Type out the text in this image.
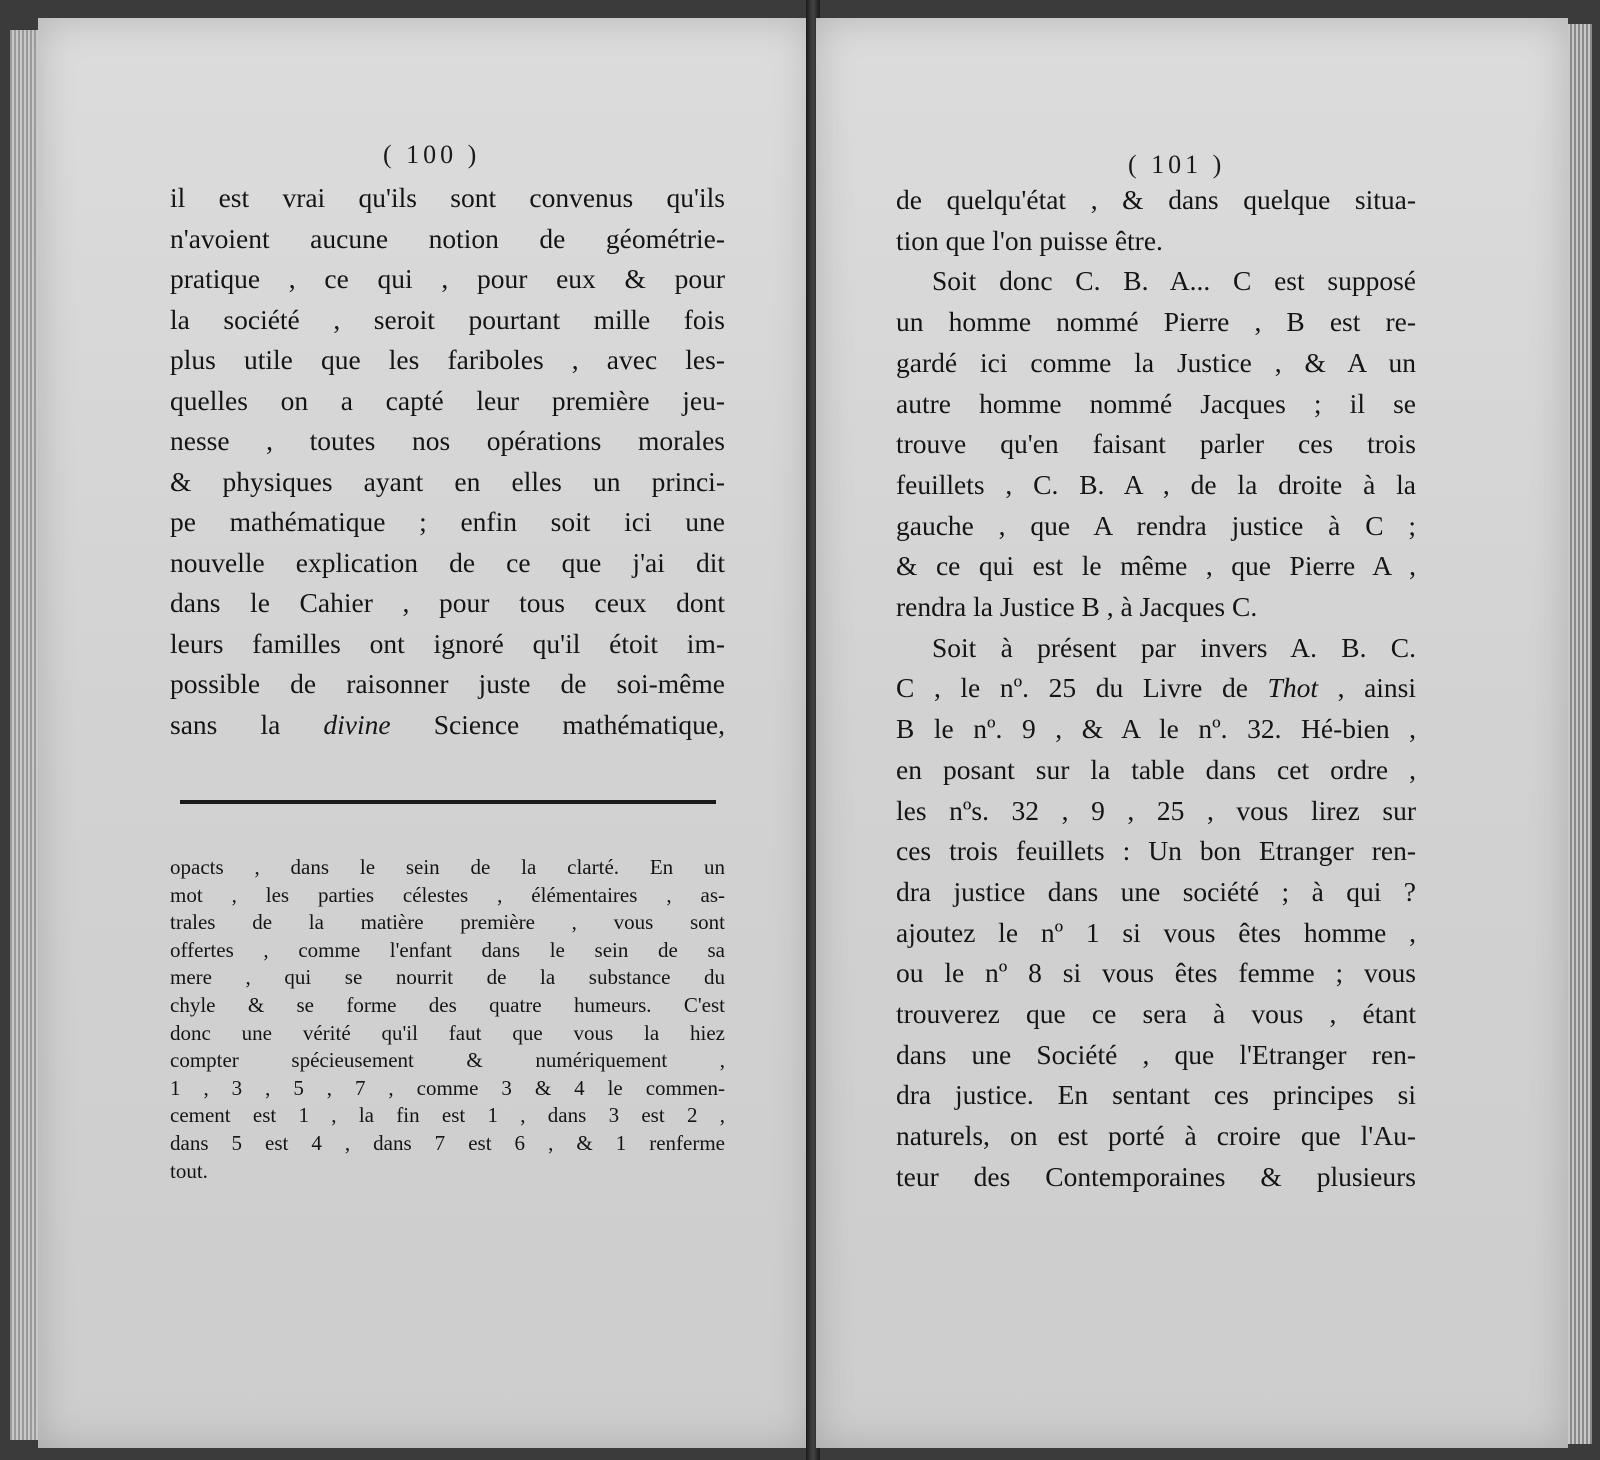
( 100 )
il est vrai qu'ils sont convenus qu'ils
n'avoient aucune notion de géométrie-
pratique , ce qui , pour eux & pour
la société , seroit pourtant mille fois
plus utile que les fariboles , avec les-
quelles on a capté leur première jeu-
nesse , toutes nos opérations morales
& physiques ayant en elles un princi-
pe mathématique ; enfin soit ici une
nouvelle explication de ce que j'ai dit
dans le Cahier , pour tous ceux dont
leurs familles ont ignoré qu'il étoit im-
possible de raisonner juste de soi-même
sans la divine Science mathématique,
opacts , dans le sein de la clarté. En un
mot , les parties célestes , élémentaires , as-
trales de la matière première , vous sont
offertes , comme l'enfant dans le sein de sa
mere , qui se nourrit de la substance du
chyle & se forme des quatre humeurs. C'est
donc une vérité qu'il faut que vous la hiez
compter spécieusement & numériquement ,
1 , 3 , 5 , 7 , comme 3 & 4 le commen-
cement est 1 , la fin est 1 , dans 3 est 2 ,
dans 5 est 4 , dans 7 est 6 , & 1 renferme
tout.
( 101 )
de quelqu'état , & dans quelque situa-
tion que l'on puisse être.
Soit donc C. B. A... C est supposé
un homme nommé Pierre , B est re-
gardé ici comme la Justice , & A un
autre homme nommé Jacques ; il se
trouve qu'en faisant parler ces trois
feuillets , C. B. A , de la droite à la
gauche , que A rendra justice à C ;
& ce qui est le même , que Pierre A ,
rendra la Justice B , à Jacques C.
Soit à présent par invers A. B. C.
C , le nº. 25 du Livre de Thot , ainsi
B le nº. 9 , & A le nº. 32. Hé-bien ,
en posant sur la table dans cet ordre ,
les nºs. 32 , 9 , 25 , vous lirez sur
ces trois feuillets : Un bon Etranger ren-
dra justice dans une société ; à qui ?
ajoutez le nº 1 si vous êtes homme ,
ou le nº 8 si vous êtes femme ; vous
trouverez que ce sera à vous , étant
dans une Société , que l'Etranger ren-
dra justice. En sentant ces principes si
naturels, on est porté à croire que l'Au-
teur des Contemporaines & plusieurs
